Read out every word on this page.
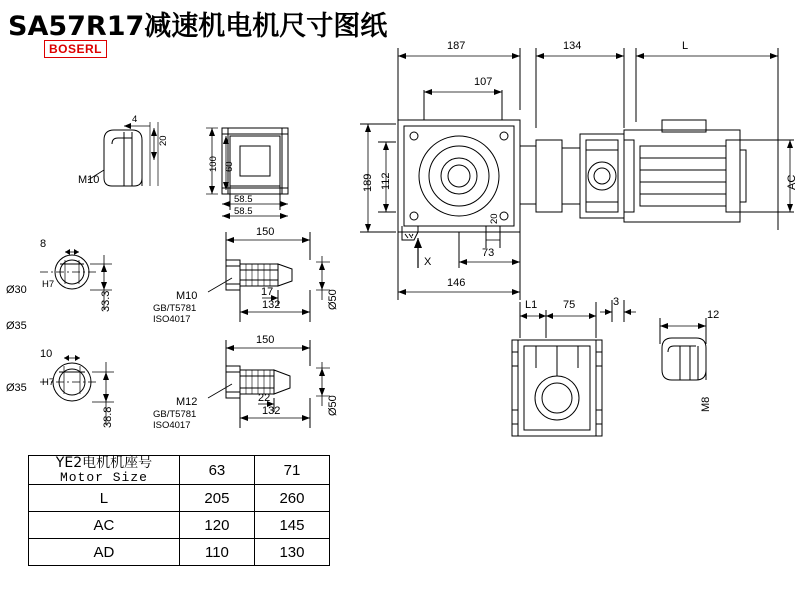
SA57R17减速机电机尺寸图纸
BOSERL	187
107
134	L
189 112	AC
20
73
146
X
L1 75	3
12
M8
20
4
M10
100 60
58.5
58.5
8
Ø30 H7
33.3
Ø35
10
Ø35 H7
38.8
150
M10
GB/T5781
ISO4017
17
132	Ø50
150
M12
GB/T5781
ISO4017
22
132	Ø50
YE2电机机座号
Motor Size	63	71
L	205	260
AC	120	145
AD	110	130
